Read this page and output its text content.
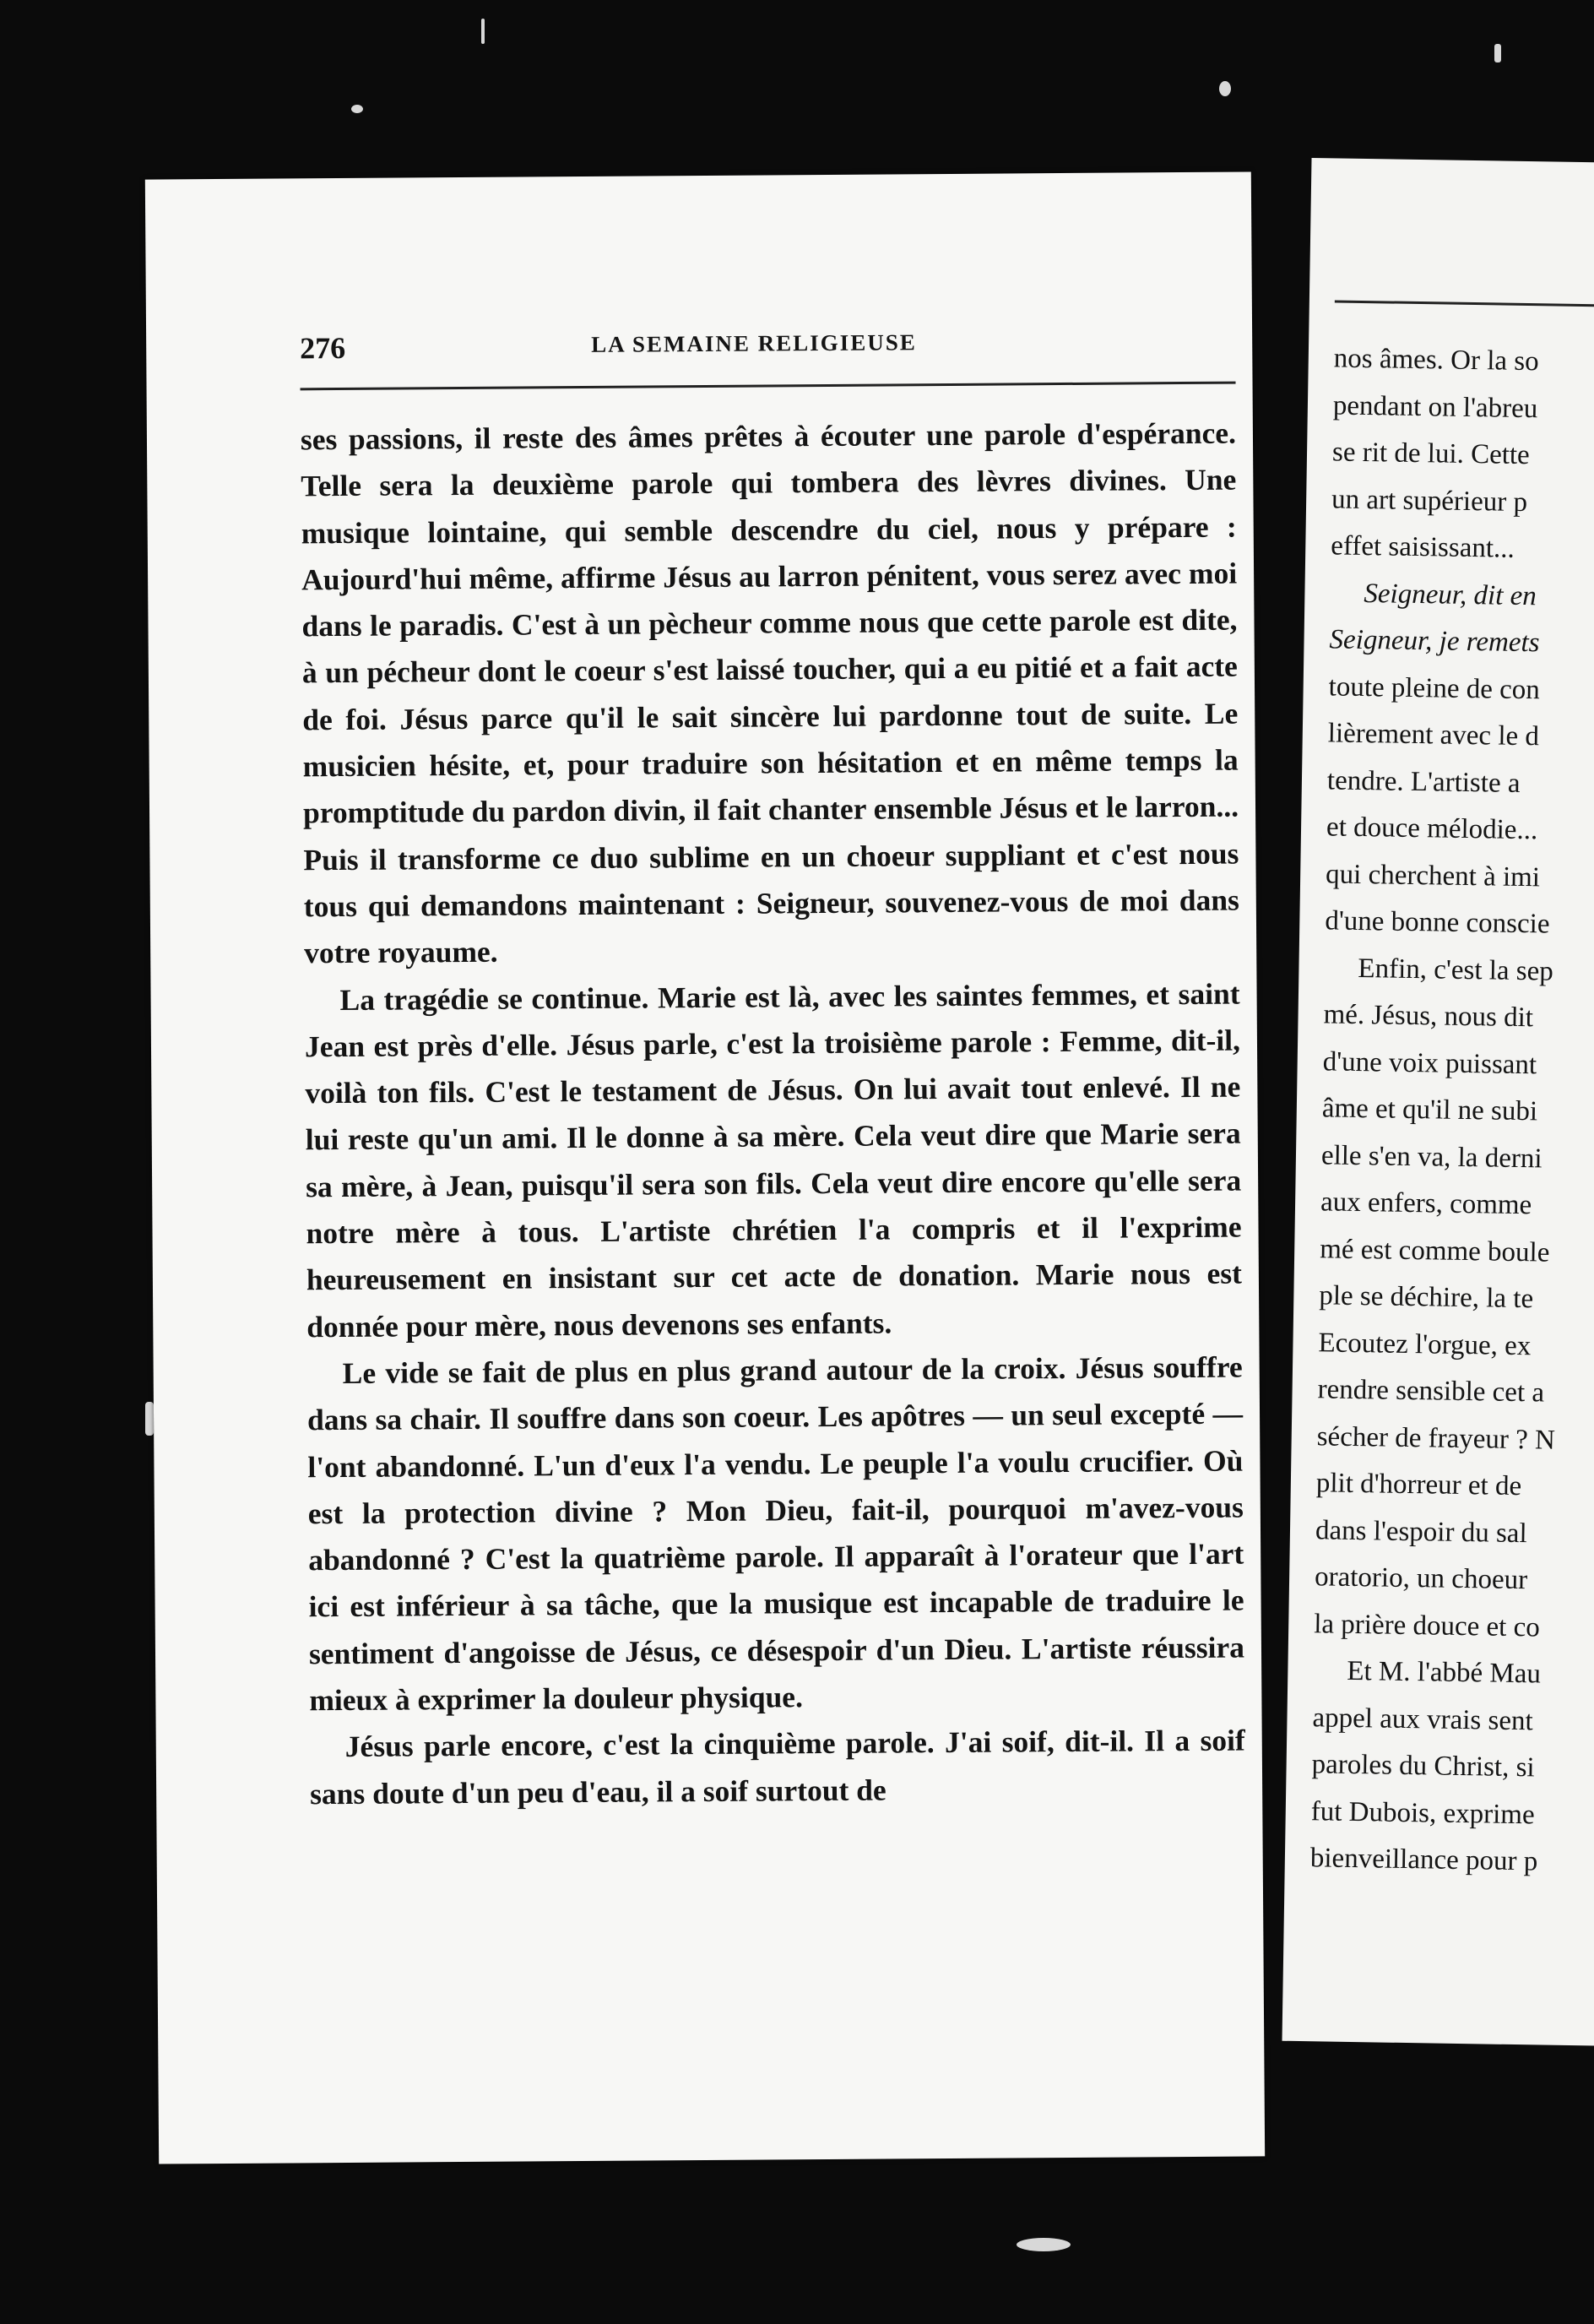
276	LA SEMAINE RELIGIEUSE

ses passions, il reste des âmes prêtes à écouter une parole d'espérance. Telle sera la deuxième parole qui tombera des lèvres divines. Une musique lointaine, qui semble descendre du ciel, nous y prépare : Aujourd'hui même, affirme Jésus au larron pénitent, vous serez avec moi dans le paradis. C'est à un pècheur comme nous que cette parole est dite, à un pécheur dont le coeur s'est laissé toucher, qui a eu pitié et a fait acte de foi. Jésus parce qu'il le sait sincère lui pardonne tout de suite. Le musicien hésite, et, pour traduire son hésitation et en même temps la promptitude du pardon divin, il fait chanter ensemble Jésus et le larron... Puis il transforme ce duo sublime en un choeur suppliant et c'est nous tous qui demandons maintenant : Seigneur, souvenez-vous de moi dans votre royaume.

La tragédie se continue. Marie est là, avec les saintes femmes, et saint Jean est près d'elle. Jésus parle, c'est la troisième parole : Femme, dit-il, voilà ton fils. C'est le testament de Jésus. On lui avait tout enlevé. Il ne lui reste qu'un ami. Il le donne à sa mère. Cela veut dire que Marie sera sa mère, à Jean, puisqu'il sera son fils. Cela veut dire encore qu'elle sera notre mère à tous. L'artiste chrétien l'a compris et il l'exprime heureusement en insistant sur cet acte de donation. Marie nous est donnée pour mère, nous devenons ses enfants.

Le vide se fait de plus en plus grand autour de la croix. Jésus souffre dans sa chair. Il souffre dans son coeur. Les apôtres — un seul excepté — l'ont abandonné. L'un d'eux l'a vendu. Le peuple l'a voulu crucifier. Où est la protection divine ? Mon Dieu, fait-il, pourquoi m'avez-vous abandonné ? C'est la quatrième parole. Il apparaît à l'orateur que l'art ici est inférieur à sa tâche, que la musique est incapable de traduire le sentiment d'angoisse de Jésus, ce désespoir d'un Dieu. L'artiste réussira mieux à exprimer la douleur physique.

Jésus parle encore, c'est la cinquième parole. J'ai soif, dit-il. Il a soif sans doute d'un peu d'eau, il a soif surtout de

nos âmes. Or la so
pendant on l'abreu
se rit de lui. Cette
un art supérieur p
effet saisissant...
Seigneur, dit en
Seigneur, je remets
toute pleine de con
lièrement avec le d
tendre. L'artiste a
et douce mélodie...
qui cherchent à imi
d'une bonne conscie
Enfin, c'est la sep
mé. Jésus, nous dit
d'une voix puissant
âme et qu'il ne subi
elle s'en va, la derni
aux enfers, comme
mé est comme boule
ple se déchire, la te
Ecoutez l'orgue, ex
rendre sensible cet a
sécher de frayeur ? N
plit d'horreur et de
dans l'espoir du sal
oratorio, un choeur
la prière douce et co
Et M. l'abbé Mau
appel aux vrais sent
paroles du Christ, si
fut Dubois, exprime
bienveillance pour p
